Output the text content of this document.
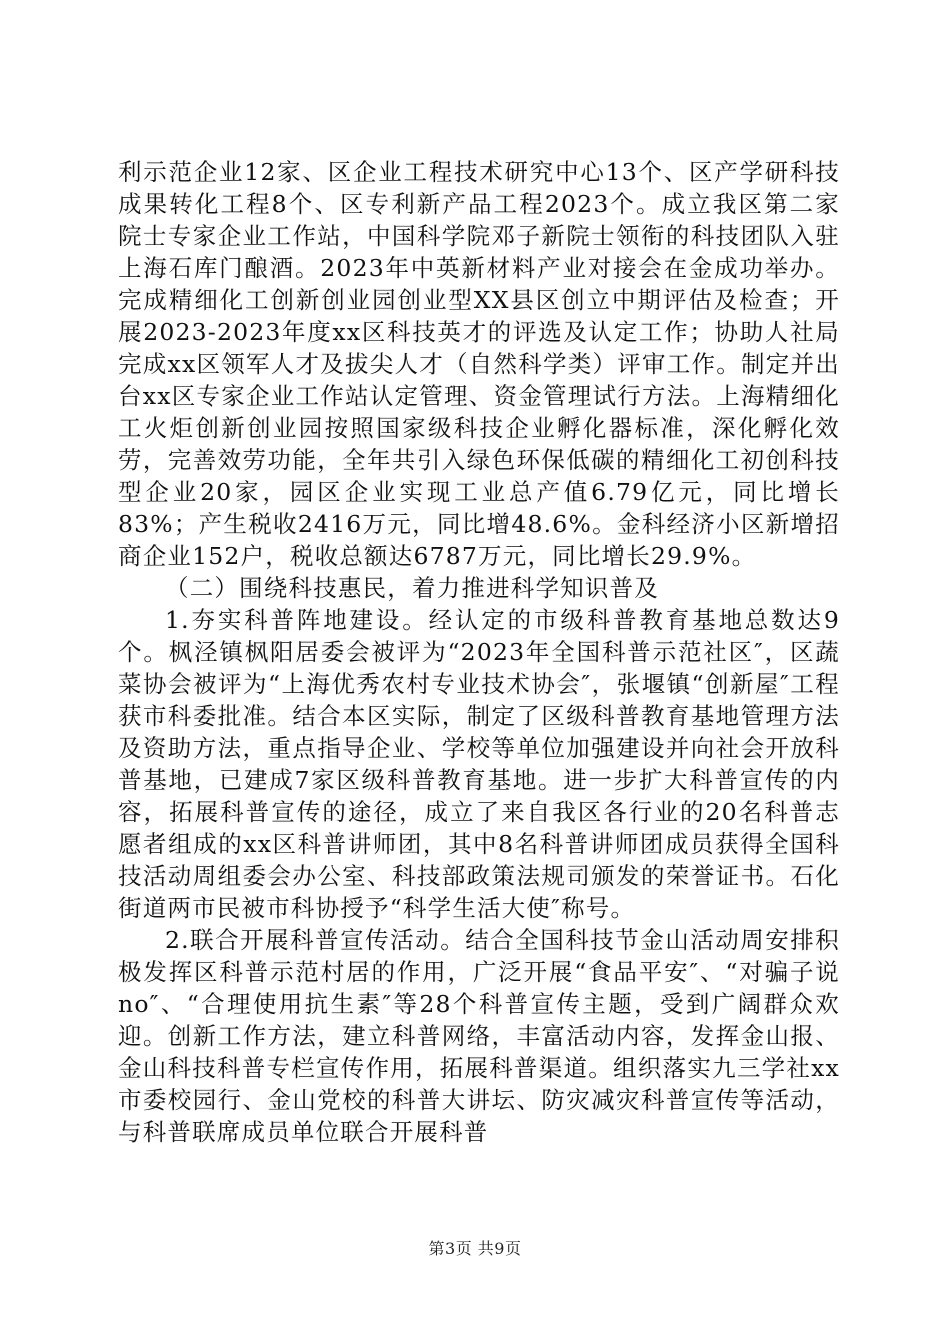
利示范企业12家、区企业工程技术研究中心13个、区产学研科技成果转化工程8个、区专利新产品工程2023个。成立我区第二家院士专家企业工作站，中国科学院邓子新院士领衔的科技团队入驻上海石库门酿酒。2023年中英新材料产业对接会在金成功举办。完成精细化工创新创业园创业型XX县区创立中期评估及检查；开展2023-2023年度xx区科技英才的评选及认定工作；协助人社局完成xx区领军人才及拔尖人才（自然科学类）评审工作。制定并出台xx区专家企业工作站认定管理、资金管理试行方法。上海精细化工火炬创新创业园按照国家级科技企业孵化器标准，深化孵化效劳，完善效劳功能，全年共引入绿色环保低碳的精细化工初创科技型企业20家，园区企业实现工业总产值6.79亿元，同比增长83%；产生税收2416万元，同比增48.6%。金科经济小区新增招商企业152户，税收总额达6787万元，同比增长29.9%。

（二）围绕科技惠民，着力推进科学知识普及

1.夯实科普阵地建设。经认定的市级科普教育基地总数达9个。枫泾镇枫阳居委会被评为“2023年全国科普示范社区″，区蔬菜协会被评为“上海优秀农村专业技术协会″，张堰镇“创新屋″工程获市科委批准。结合本区实际，制定了区级科普教育基地管理方法及资助方法，重点指导企业、学校等单位加强建设并向社会开放科普基地，已建成7家区级科普教育基地。进一步扩大科普宣传的内容，拓展科普宣传的途径，成立了来自我区各行业的20名科普志愿者组成的xx区科普讲师团，其中8名科普讲师团成员获得全国科技活动周组委会办公室、科技部政策法规司颁发的荣誉证书。石化街道两市民被市科协授予“科学生活大使″称号。

2.联合开展科普宣传活动。结合全国科技节金山活动周安排积极发挥区科普示范村居的作用，广泛开展“食品平安″、“对骗子说no″、“合理使用抗生素″等28个科普宣传主题，受到广阔群众欢迎。创新工作方法，建立科普网络，丰富活动内容，发挥金山报、金山科技科普专栏宣传作用，拓展科普渠道。组织落实九三学社xx市委校园行、金山党校的科普大讲坛、防灾减灾科普宣传等活动，与科普联席成员单位联合开展科普

第3页 共9页
